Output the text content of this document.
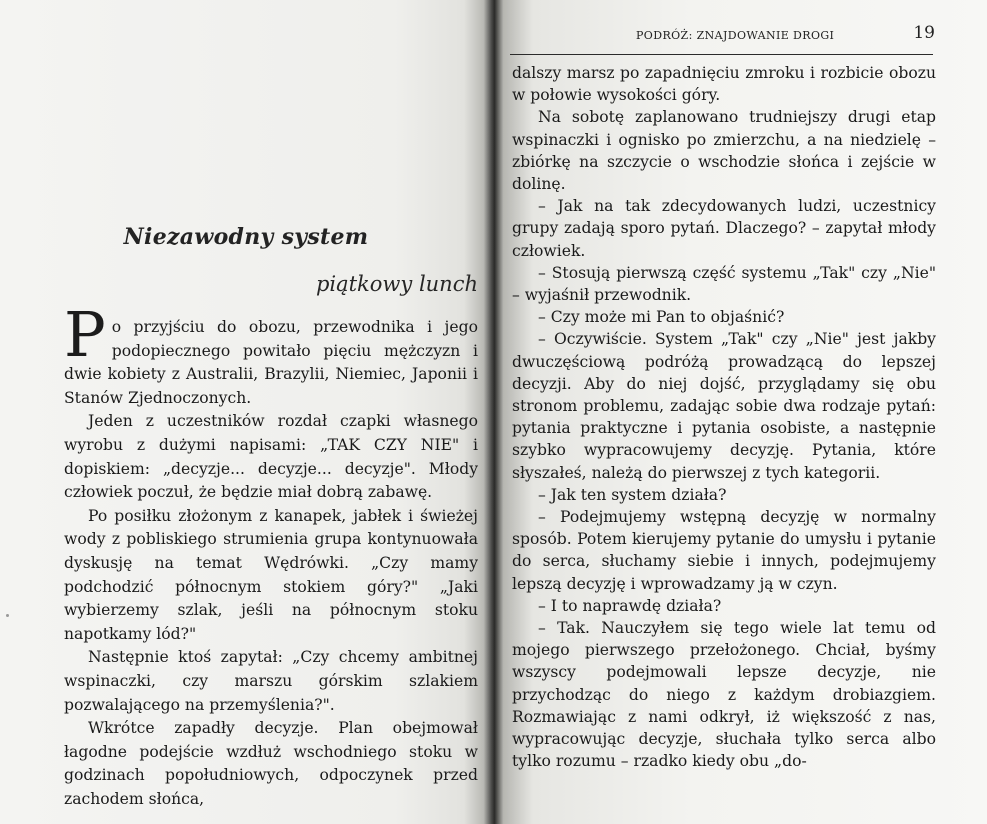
Niezawodny system
piątkowy lunch

Po przyjściu do obozu, przewodnika i jego podopiecznego powitało pięciu mężczyzn i dwie kobiety z Australii, Brazylii, Niemiec, Japonii i Stanów Zjednoczonych.

Jeden z uczestników rozdał czapki własnego wyrobu z dużymi napisami: „TAK CZY NIE" i dopiskiem: „decyzje... decyzje... decyzje". Młody człowiek poczuł, że będzie miał dobrą zabawę.

Po posiłku złożonym z kanapek, jabłek i świeżej wody z pobliskiego strumienia grupa kontynuowała dyskusję na temat Wędrówki. „Czy mamy podchodzić północnym stokiem góry?" „Jaki wybierzemy szlak, jeśli na północnym stoku napotkamy lód?"

Następnie ktoś zapytał: „Czy chcemy ambitnej wspinaczki, czy marszu górskim szlakiem pozwalającego na przemyślenia?".

Wkrótce zapadły decyzje. Plan obejmował łagodne podejście wzdłuż wschodniego stoku w godzinach popołudniowych, odpoczynek przed zachodem słońca,

PODRÓŻ: ZNAJDOWANIE DROGI	19

dalszy marsz po zapadnięciu zmroku i rozbicie obozu w połowie wysokości góry.

Na sobotę zaplanowano trudniejszy drugi etap wspinaczki i ognisko po zmierzchu, a na niedzielę – zbiórkę na szczycie o wschodzie słońca i zejście w dolinę.

– Jak na tak zdecydowanych ludzi, uczestnicy grupy zadają sporo pytań. Dlaczego? – zapytał młody człowiek.

– Stosują pierwszą część systemu „Tak" czy „Nie" – wyjaśnił przewodnik.

– Czy może mi Pan to objaśnić?

– Oczywiście. System „Tak" czy „Nie" jest jakby dwuczęściową podróżą prowadzącą do lepszej decyzji. Aby do niej dojść, przyglądamy się obu stronom problemu, zadając sobie dwa rodzaje pytań: pytania praktyczne i pytania osobiste, a następnie szybko wypracowujemy decyzję. Pytania, które słyszałeś, należą do pierwszej z tych kategorii.

– Jak ten system działa?

– Podejmujemy wstępną decyzję w normalny sposób. Potem kierujemy pytanie do umysłu i pytanie do serca, słuchamy siebie i innych, podejmujemy lepszą decyzję i wprowadzamy ją w czyn.

– I to naprawdę działa?

– Tak. Nauczyłem się tego wiele lat temu od mojego pierwszego przełożonego. Chciał, byśmy wszyscy podejmowali lepsze decyzje, nie przychodząc do niego z każdym drobiazgiem. Rozmawiając z nami odkrył, iż większość z nas, wypracowując decyzje, słuchała tylko serca albo tylko rozumu – rzadko kiedy obu „do-
